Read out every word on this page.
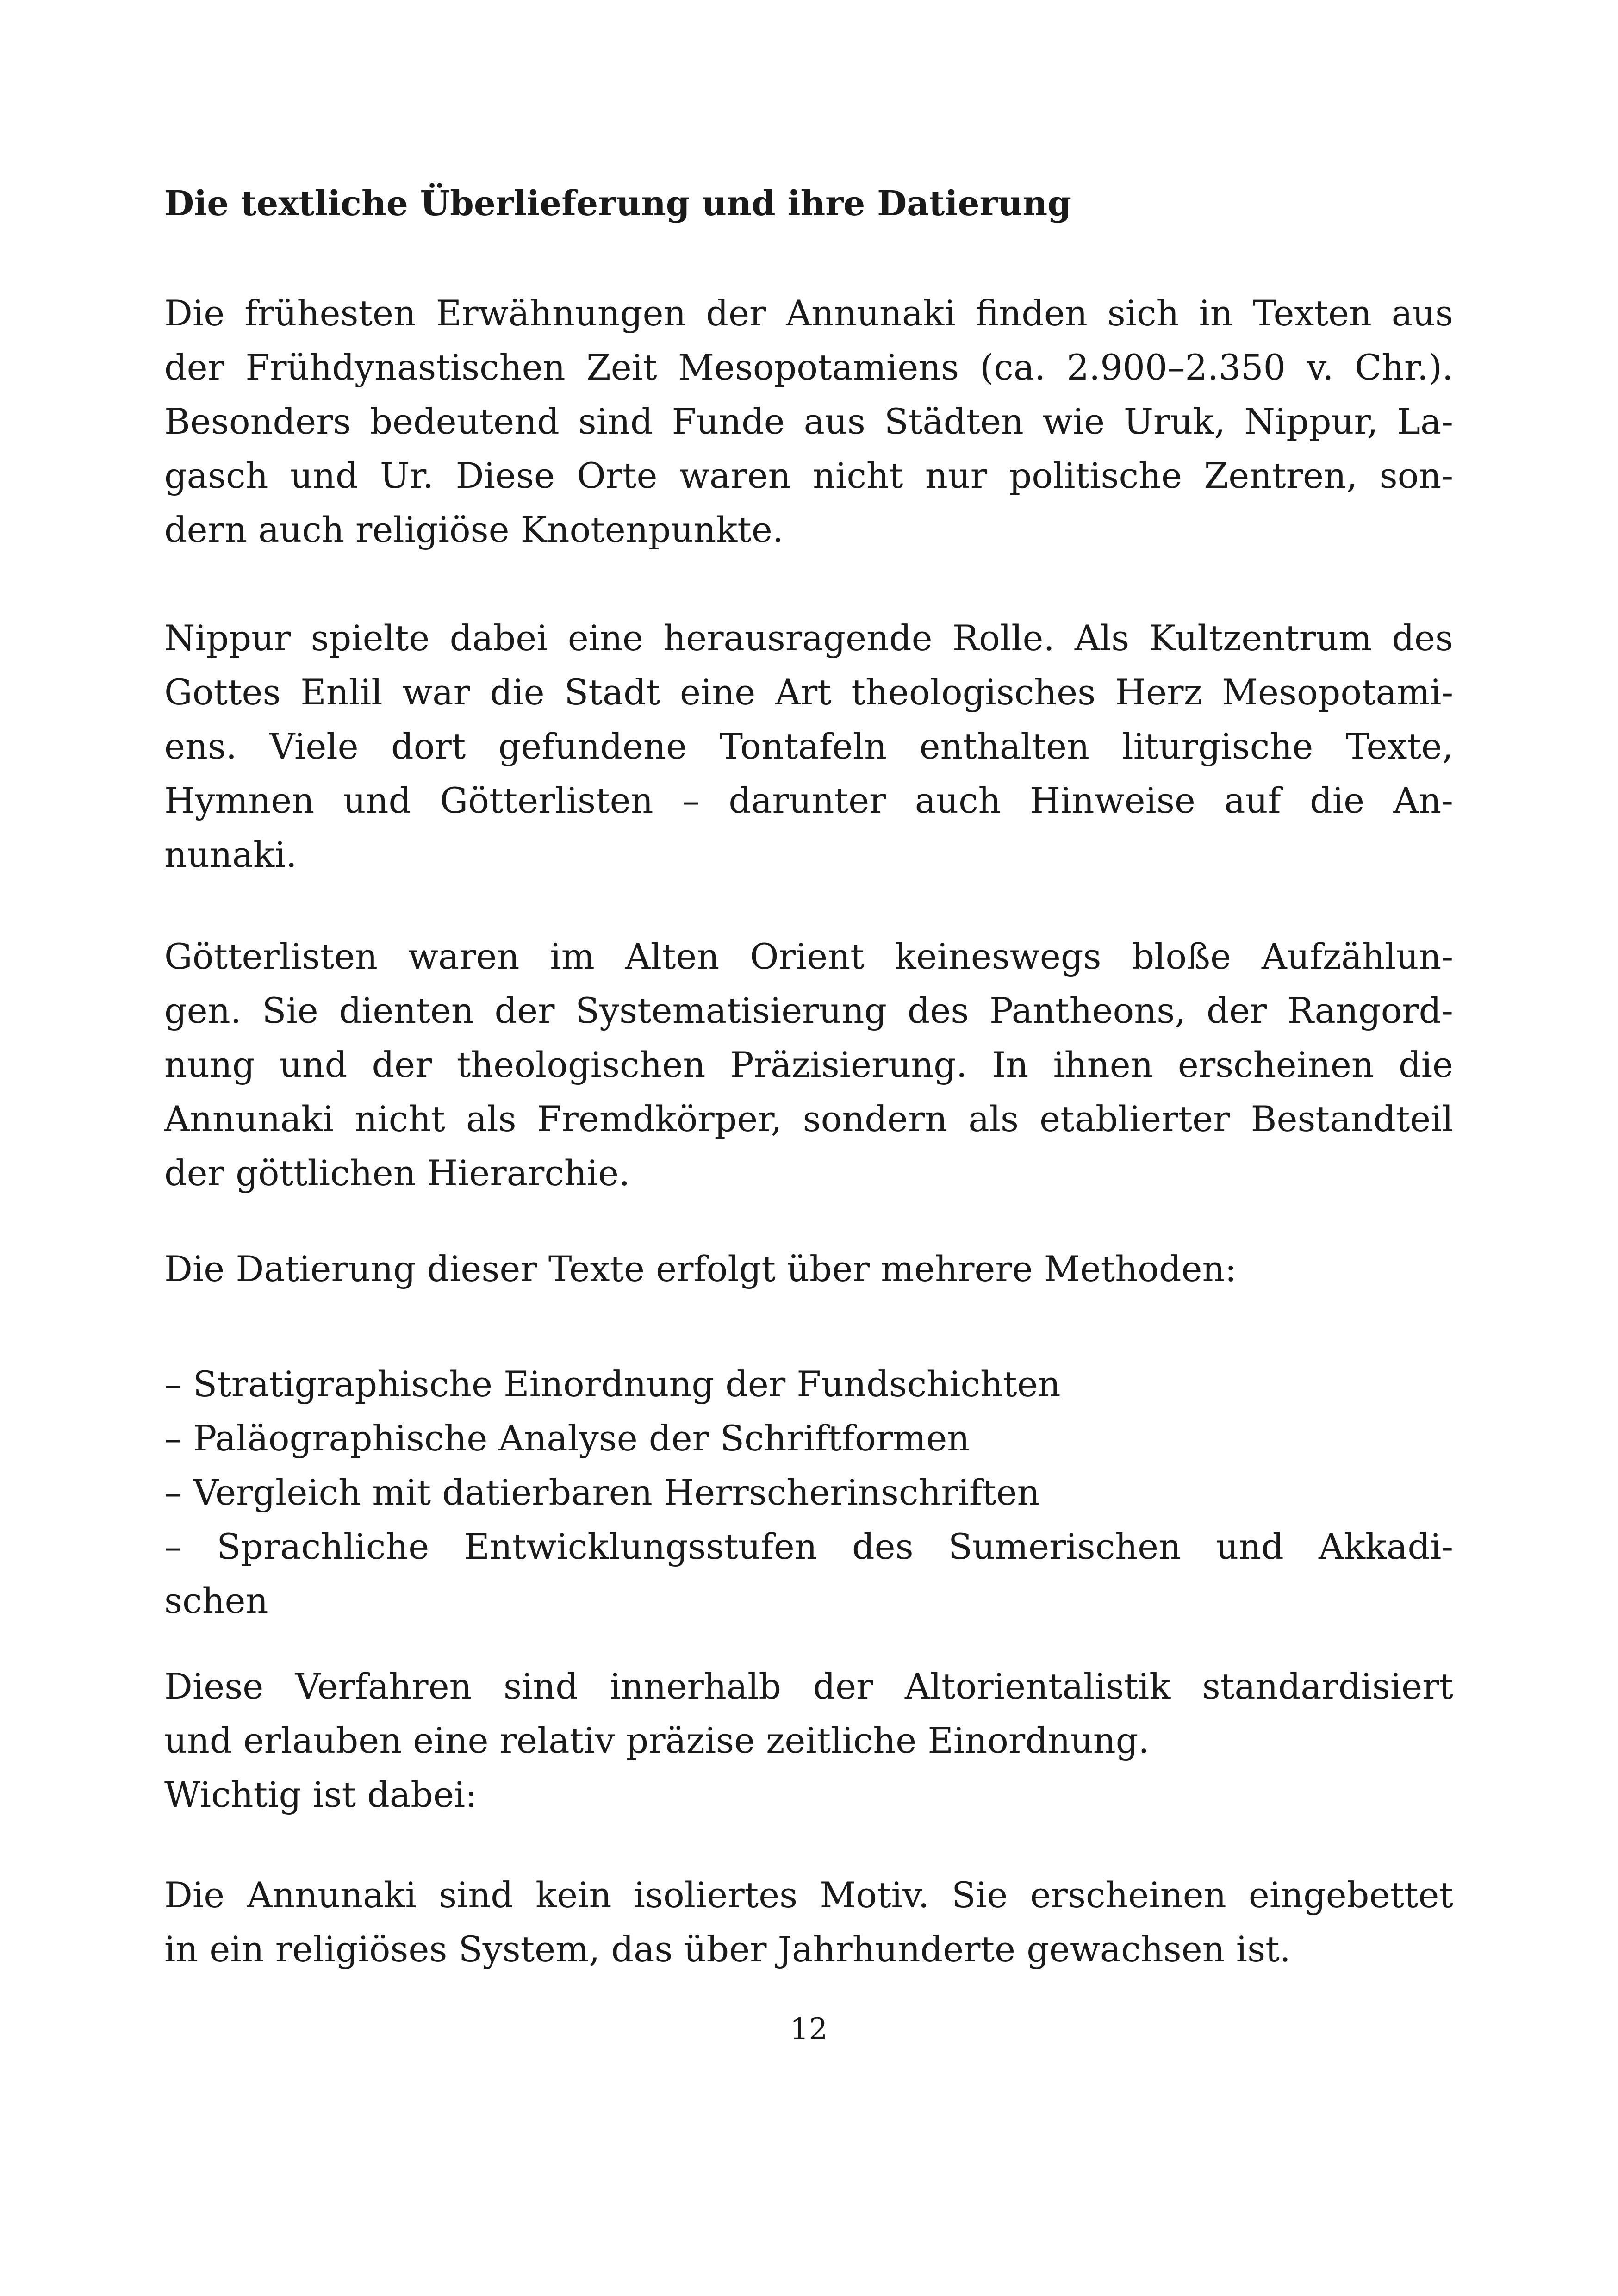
Die textliche Überlieferung und ihre Datierung
Die frühesten Erwähnungen der Annunaki finden sich in Texten aus
der Frühdynastischen Zeit Mesopotamiens (ca. 2.900–2.350 v. Chr.).
Besonders bedeutend sind Funde aus Städten wie Uruk, Nippur, La-
gasch und Ur. Diese Orte waren nicht nur politische Zentren, son-
dern auch religiöse Knotenpunkte.
Nippur spielte dabei eine herausragende Rolle. Als Kultzentrum des
Gottes Enlil war die Stadt eine Art theologisches Herz Mesopotami-
ens. Viele dort gefundene Tontafeln enthalten liturgische Texte,
Hymnen und Götterlisten – darunter auch Hinweise auf die An-
nunaki.
Götterlisten waren im Alten Orient keineswegs bloße Aufzählun-
gen. Sie dienten der Systematisierung des Pantheons, der Rangord-
nung und der theologischen Präzisierung. In ihnen erscheinen die
Annunaki nicht als Fremdkörper, sondern als etablierter Bestandteil
der göttlichen Hierarchie.
Die Datierung dieser Texte erfolgt über mehrere Methoden:
– Stratigraphische Einordnung der Fundschichten
– Paläographische Analyse der Schriftformen
– Vergleich mit datierbaren Herrscherinschriften
– Sprachliche Entwicklungsstufen des Sumerischen und Akkadi-
schen
Diese Verfahren sind innerhalb der Altorientalistik standardisiert
und erlauben eine relativ präzise zeitliche Einordnung.
Wichtig ist dabei:
Die Annunaki sind kein isoliertes Motiv. Sie erscheinen eingebettet
in ein religiöses System, das über Jahrhunderte gewachsen ist.
12
